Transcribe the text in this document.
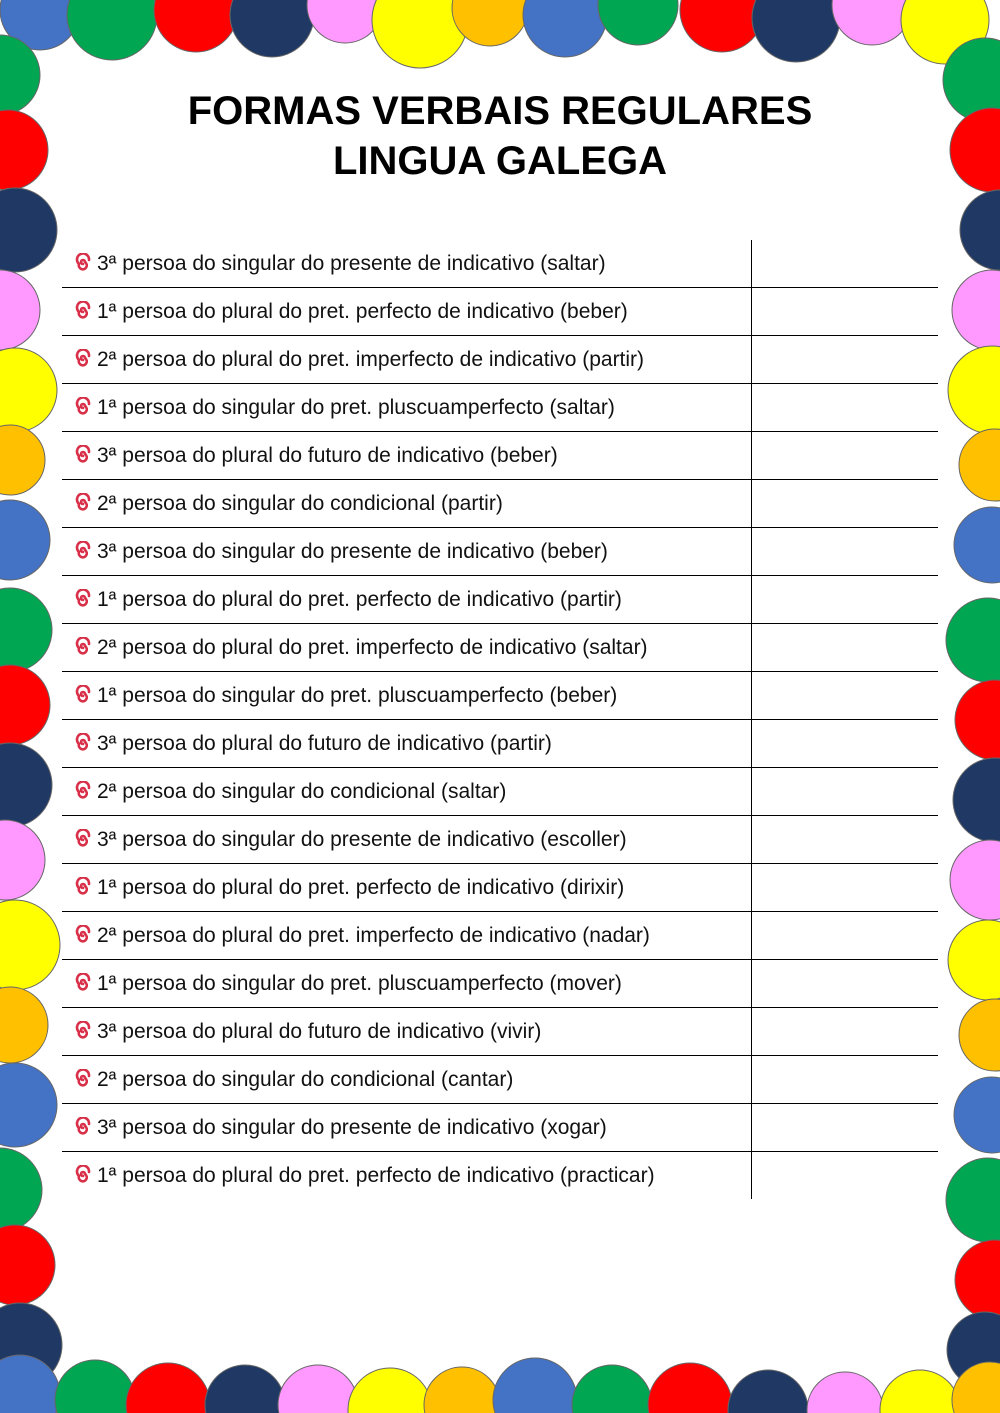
FORMAS VERBAIS REGULARES
LINGUA GALEGA
3ª persoa do singular do presente de indicativo (saltar)

1ª persoa do plural do pret. perfecto de indicativo (beber)

2ª persoa do plural do pret. imperfecto de indicativo (partir)

1ª persoa do singular do pret. pluscuamperfecto (saltar)

3ª persoa do plural do futuro de indicativo (beber)

2ª persoa do singular do condicional (partir)

3ª persoa do singular do presente de indicativo (beber)

1ª persoa do plural do pret. perfecto de indicativo (partir)

2ª persoa do plural do pret. imperfecto de indicativo (saltar)

1ª persoa do singular do pret. pluscuamperfecto (beber)

3ª persoa do plural do futuro de indicativo (partir)

2ª persoa do singular do condicional (saltar)

3ª persoa do singular do presente de indicativo (escoller)

1ª persoa do plural do pret. perfecto de indicativo (dirixir)

2ª persoa do plural do pret. imperfecto de indicativo (nadar)

1ª persoa do singular do pret. pluscuamperfecto (mover)

3ª persoa do plural do futuro de indicativo (vivir)

2ª persoa do singular do condicional (cantar)

3ª persoa do singular do presente de indicativo (xogar)

1ª persoa do plural do pret. perfecto de indicativo (practicar)
